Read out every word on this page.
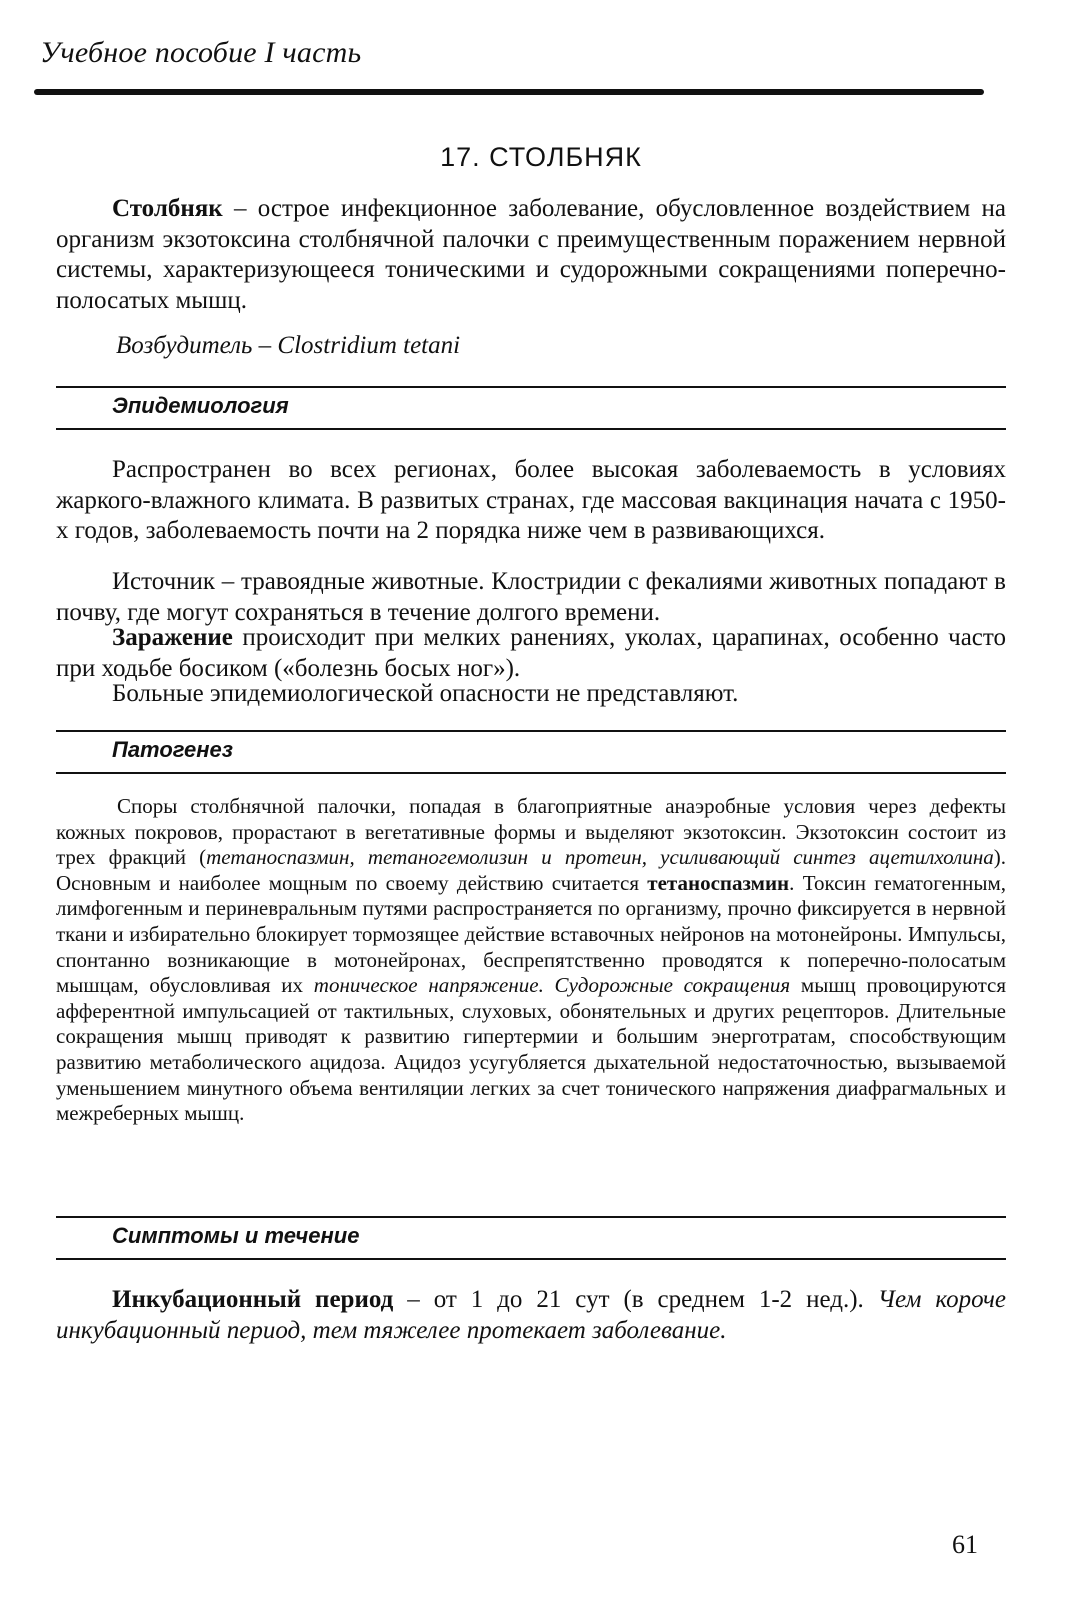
Учебное пособие I часть
17. СТОЛБНЯК

Столбняк – острое инфекционное заболевание, обусловленное воздействием на организм экзотоксина столбнячной палочки с преимущественным поражением нервной системы, характеризующееся тоническими и судорожными сокращениями поперечно-полосатых мышц.

Возбудитель – Clostridium tetani
Эпидемиология

Распространен во всех регионах, более высокая заболеваемость в условиях жаркого-влажного климата. В развитых странах, где массовая вакцинация начата с 1950-х годов, заболеваемость почти на 2 порядка ниже чем в развивающихся.

Источник – травоядные животные. Клостридии с фекалиями животных попадают в почву, где могут сохраняться в течение долгого времени.

Заражение происходит при мелких ранениях, уколах, царапинах, особенно часто при ходьбе босиком («болезнь босых ног»).

Больные эпидемиологической опасности не представляют.

Патогенез

Споры столбнячной палочки, попадая в благоприятные анаэробные условия через дефекты кожных покровов, прорастают в вегетативные формы и выделяют экзотоксин. Экзотоксин состоит из трех фракций (тетаноспазмин, тетаногемолизин и протеин, усиливающий синтез ацетилхолина). Основным и наиболее мощным по своему действию считается тетаноспазмин. Токсин гематогенным, лимфогенным и периневральным путями распространяется по организму, прочно фиксируется в нервной ткани и избирательно блокирует тормозящее действие вставочных нейронов на мотонейроны. Импульсы, спонтанно возникающие в мотонейронах, беспрепятственно проводятся к поперечно-полосатым мышцам, обусловливая их тоническое напряжение. Судорожные сокращения мышц провоцируются афферентной импульсацией от тактильных, слуховых, обонятельных и других рецепторов. Длительные сокращения мышц приводят к развитию гипертермии и большим энерготратам, способствующим развитию метаболического ацидоза. Ацидоз усугубляется дыхательной недостаточностью, вызываемой уменьшением минутного объема вентиляции легких за счет тонического напряжения диафрагмальных и межреберных мышц.

Симптомы и течение

Инкубационный период – от 1 до 21 сут (в среднем 1-2 нед.). Чем короче инкубационный период, тем тяжелее протекает заболевание.

61
